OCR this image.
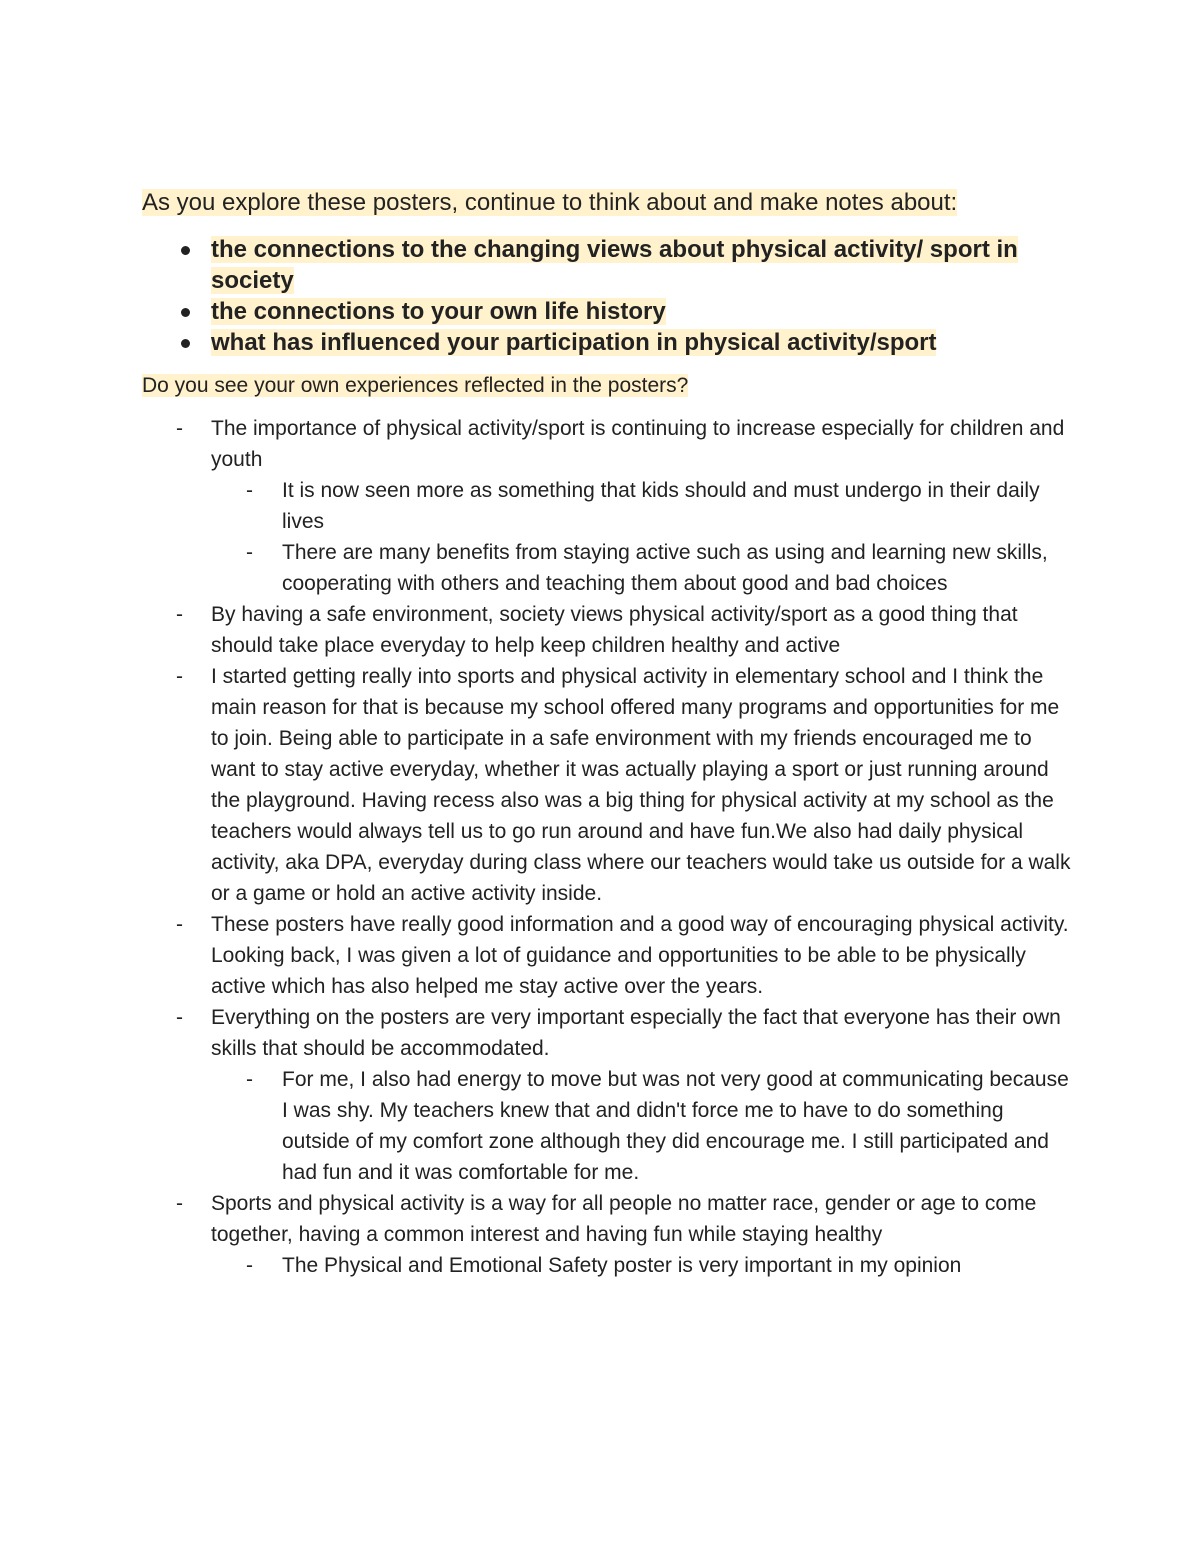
As you explore these posters, continue to think about and make notes about:

the connections to the changing views about physical activity/ sport in society
the connections to your own life history
what has influenced your participation in physical activity/sport

Do you see your own experiences reflected in the posters?

- The importance of physical activity/sport is continuing to increase especially for children and youth
- It is now seen more as something that kids should and must undergo in their daily lives
- There are many benefits from staying active such as using and learning new skills, cooperating with others and teaching them about good and bad choices
- By having a safe environment, society views physical activity/sport as a good thing that should take place everyday to help keep children healthy and active
- I started getting really into sports and physical activity in elementary school and I think the main reason for that is because my school offered many programs and opportunities for me to join. Being able to participate in a safe environment with my friends encouraged me to want to stay active everyday, whether it was actually playing a sport or just running around the playground. Having recess also was a big thing for physical activity at my school as the teachers would always tell us to go run around and have fun.We also had daily physical activity, aka DPA, everyday during class where our teachers would take us outside for a walk or a game or hold an active activity inside.
- These posters have really good information and a good way of encouraging physical activity. Looking back, I was given a lot of guidance and opportunities to be able to be physically active which has also helped me stay active over the years.
- Everything on the posters are very important especially the fact that everyone has their own skills that should be accommodated.
- For me, I also had energy to move but was not very good at communicating because I was shy. My teachers knew that and didn't force me to have to do something outside of my comfort zone although they did encourage me. I still participated and had fun and it was comfortable for me.
- Sports and physical activity is a way for all people no matter race, gender or age to come together, having a common interest and having fun while staying healthy
- The Physical and Emotional Safety poster is very important in my opinion
